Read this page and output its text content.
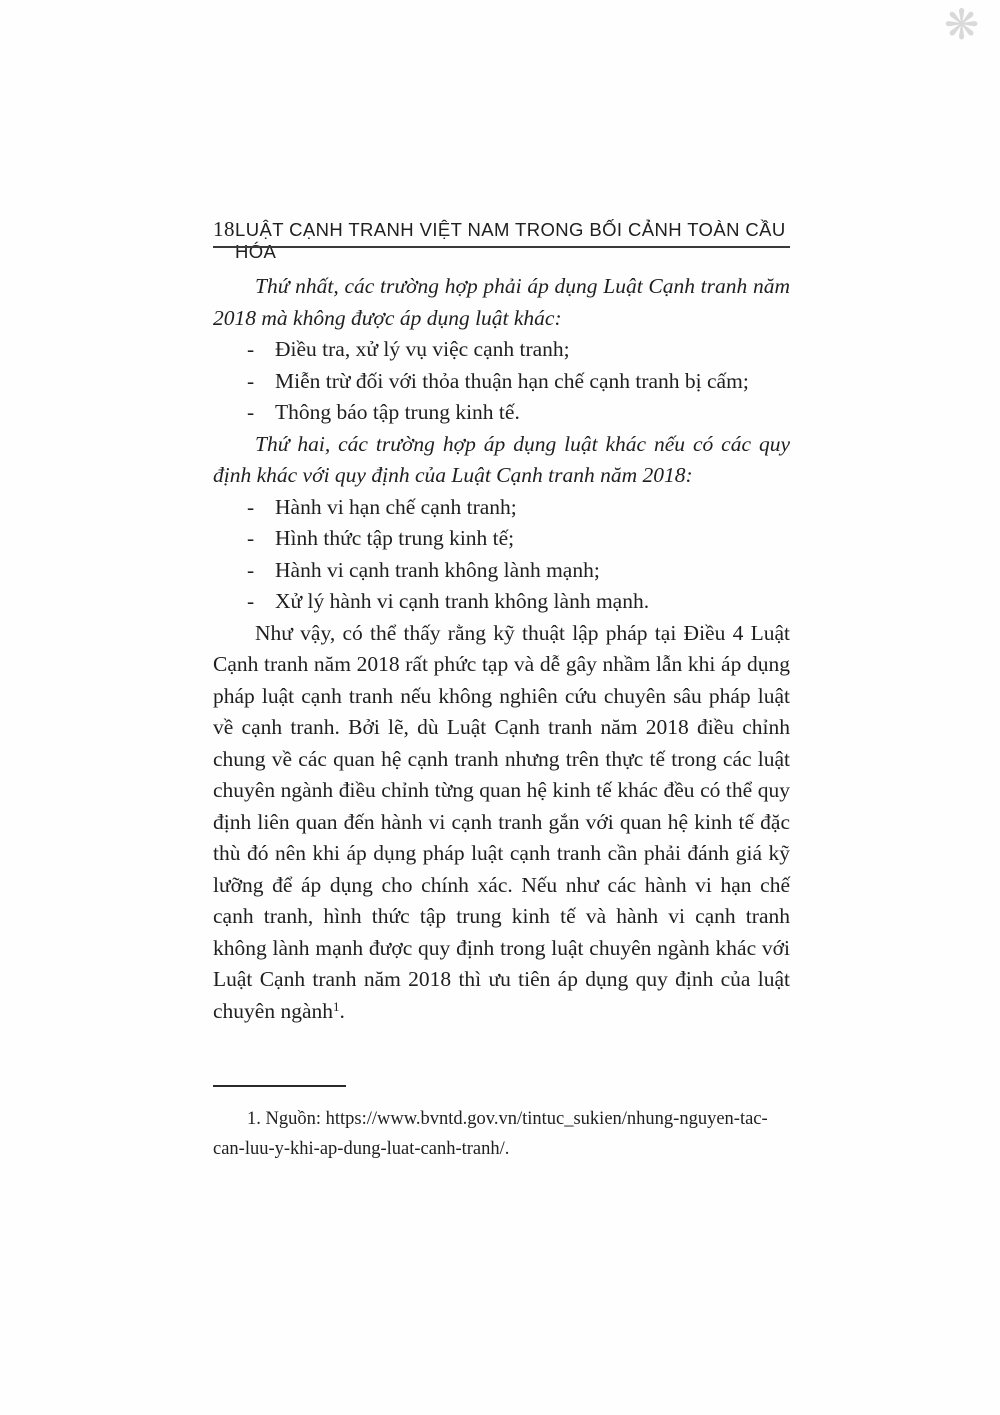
❋
18 LUẬT CẠNH TRANH VIỆT NAM TRONG BỐI CẢNH TOÀN CẦU HÓA

Thứ nhất, các trường hợp phải áp dụng Luật Cạnh tranh năm 2018 mà không được áp dụng luật khác:

- Điều tra, xử lý vụ việc cạnh tranh;
- Miễn trừ đối với thỏa thuận hạn chế cạnh tranh bị cấm;
- Thông báo tập trung kinh tế.

Thứ hai, các trường hợp áp dụng luật khác nếu có các quy định khác với quy định của Luật Cạnh tranh năm 2018:

- Hành vi hạn chế cạnh tranh;
- Hình thức tập trung kinh tế;
- Hành vi cạnh tranh không lành mạnh;
- Xử lý hành vi cạnh tranh không lành mạnh.

Như vậy, có thể thấy rằng kỹ thuật lập pháp tại Điều 4 Luật Cạnh tranh năm 2018 rất phức tạp và dễ gây nhầm lẫn khi áp dụng pháp luật cạnh tranh nếu không nghiên cứu chuyên sâu pháp luật về cạnh tranh. Bởi lẽ, dù Luật Cạnh tranh năm 2018 điều chỉnh chung về các quan hệ cạnh tranh nhưng trên thực tế trong các luật chuyên ngành điều chỉnh từng quan hệ kinh tế khác đều có thể quy định liên quan đến hành vi cạnh tranh gắn với quan hệ kinh tế đặc thù đó nên khi áp dụng pháp luật cạnh tranh cần phải đánh giá kỹ lưỡng để áp dụng cho chính xác. Nếu như các hành vi hạn chế cạnh tranh, hình thức tập trung kinh tế và hành vi cạnh tranh không lành mạnh được quy định trong luật chuyên ngành khác với Luật Cạnh tranh năm 2018 thì ưu tiên áp dụng quy định của luật chuyên ngành$^1$.

1. Nguồn: https://www.bvntd.gov.vn/tintuc_sukien/nhung-nguyen-tac-can-luu-y-khi-ap-dung-luat-canh-tranh/.
